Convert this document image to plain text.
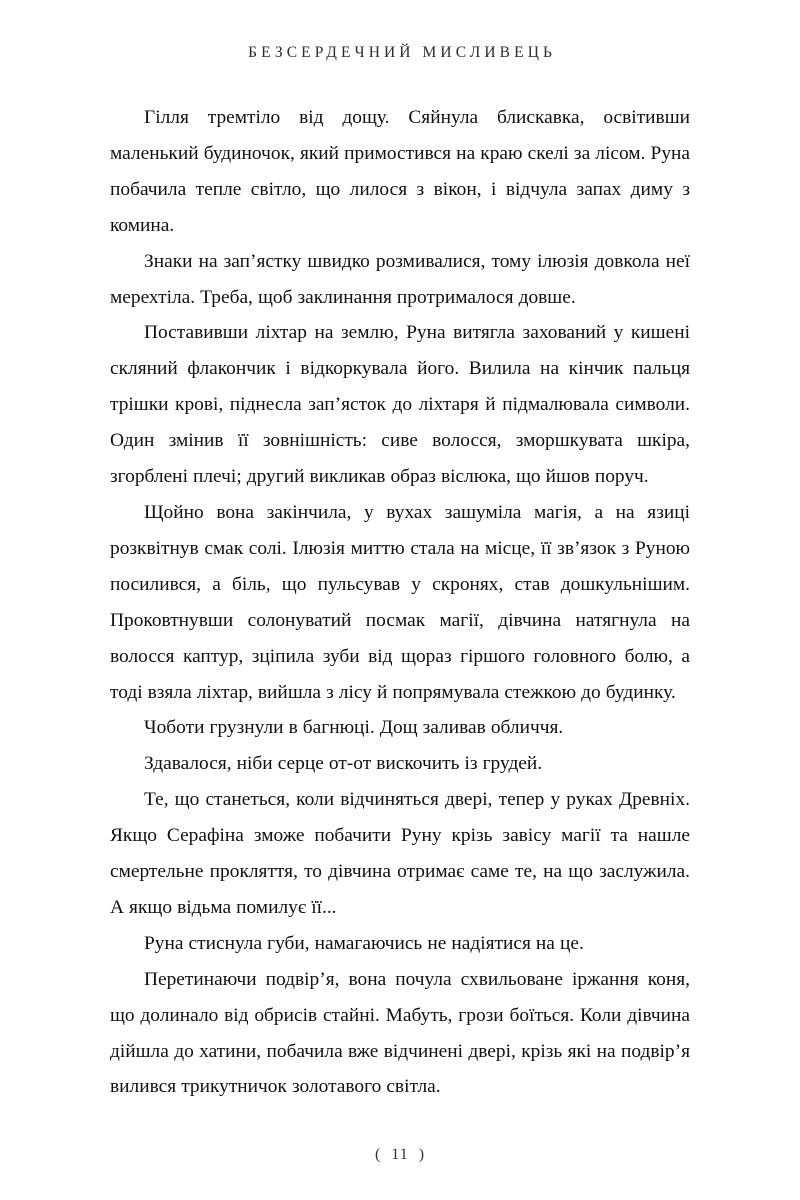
БЕЗСЕРДЕЧНИЙ МИСЛИВЕЦЬ

Гілля тремтіло від дощу. Сяйнула блискавка, освітивши маленький будиночок, який примостився на краю скелі за лісом. Руна побачила тепле світло, що лилося з вікон, і відчула запах диму з комина.

Знаки на зап’ястку швидко розмивалися, тому ілюзія довкола неї мерехтіла. Треба, щоб заклинання протрималося довше.

Поставивши ліхтар на землю, Руна витягла захований у кишені скляний флакончик і відкоркувала його. Вилила на кінчик пальця трішки крові, піднесла зап’ясток до ліхтаря й підмалювала символи. Один змінив її зовнішність: сиве волосся, зморшкувата шкіра, згорблені плечі; другий викликав образ віслюка, що йшов поруч.

Щойно вона закінчила, у вухах зашуміла магія, а на язиці розквітнув смак солі. Ілюзія миттю стала на місце, її зв’язок з Руною посилився, а біль, що пульсував у скронях, став дошкульнішим. Проковтнувши солонуватий посмак магії, дівчина натягнула на волосся каптур, зціпила зуби від щораз гіршого головного болю, а тоді взяла ліхтар, вийшла з лісу й попрямувала стежкою до будинку.

Чоботи грузнули в багнюці. Дощ заливав обличчя.

Здавалося, ніби серце от-от вискочить із грудей.

Те, що станеться, коли відчиняться двері, тепер у руках Древніх. Якщо Серафіна зможе побачити Руну крізь завісу магії та нашле смертельне прокляття, то дівчина отримає саме те, на що заслужила. А якщо відьма помилує її...

Руна стиснула губи, намагаючись не надіятися на це.

Перетинаючи подвір’я, вона почула схвильоване іржання коня, що долинало від обрисів стайні. Мабуть, грози боїться. Коли дівчина дійшла до хатини, побачила вже відчинені двері, крізь які на подвір’я вилився трикутничок золотавого світла.

(  11  )
